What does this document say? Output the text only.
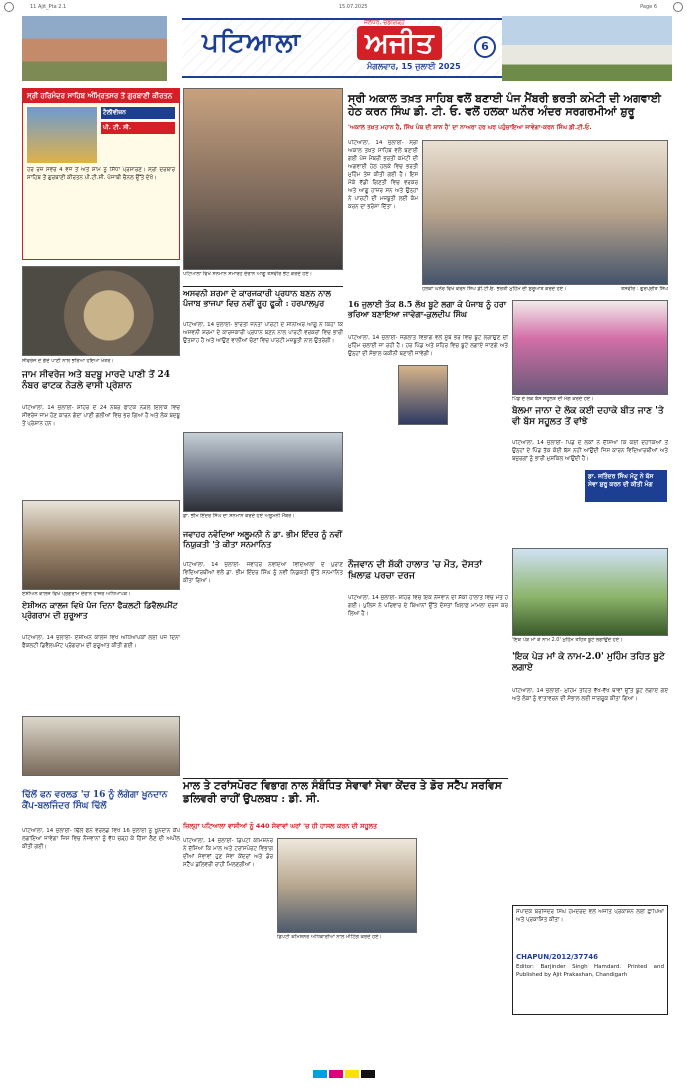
11 Ajit_Pta 2.1	15.07.2025	Page 6
ਪਟਿਆਲਾ
ਜਲੰਧਰ, ਚੰਡੀਗੜ੍ਹ
ਅਜੀਤ
ਮੰਗਲਵਾਰ, 15 ਜੁਲਾਈ 2025
6
ਸ੍ਰੀ ਹਰਿਮੰਦਰ ਸਾਹਿਬ ਅੰਮ੍ਰਿਤਸਰ ਤੋਂ ਗੁਰਬਾਣੀ ਕੀਰਤਨ
ਟੈਲੀਵੀਜ਼ਨ
ਪੀ. ਟੀ. ਸੀ.
ਹਰ ਰੋਜ਼ ਸਵੇਰੇ 4 ਵਜੇ ਤੋਂ ਅਤੇ ਸ਼ਾਮ ਨੂੰ ਸਿੱਧਾ ਪ੍ਰਸਾਰਣ। ਸ੍ਰੀ ਦਰਬਾਰ ਸਾਹਿਬ ਤੋਂ ਗੁਰਬਾਣੀ ਕੀਰਤਨ ਪੀ.ਟੀ.ਸੀ. ਪੰਜਾਬੀ ਚੈਨਲ ਉੱਤੇ ਦੇਖੋ।
ਪਟਿਆਲਾ ਵਿਖੇ ਸਨਮਾਨ ਸਮਾਰੋਹ ਦੌਰਾਨ ਆਗੂ ਤਸਵੀਰ ਭੇਟ ਕਰਦੇ ਹੋਏ।
ਸ੍ਰੀ ਅਕਾਲ ਤਖ਼ਤ ਸਾਹਿਬ ਵਲੋਂ ਬਣਾਈ ਪੰਜ ਮੈਂਬਰੀ ਭਰਤੀ ਕਮੇਟੀ ਦੀ ਅਗਵਾਈ
ਹੇਠ ਕਰਨ ਸਿੰਘ ਡੀ. ਟੀ. ਓ. ਵਲੋਂ ਹਲਕਾ ਘਨੌਰ ਅੰਦਰ ਸਰਗਰਮੀਆਂ ਸ਼ੁਰੂ
'ਅਕਾਲ ਤਖ਼ਤ ਮਹਾਨ ਹੈ, ਸਿੱਖ ਪੰਥ ਦੀ ਸ਼ਾਨ ਹੈ' ਦਾ ਨਾਅਰਾ ਹਰ ਘਰ ਪਹੁੰਚਾਇਆ ਜਾਵੇਗਾ-ਕਰਨ ਸਿੰਘ ਡੀ.ਟੀ.ਓ.
ਪਟਿਆਲਾ, 14 ਜੁਲਾਈ- ਸ੍ਰੀ ਅਕਾਲ ਤਖ਼ਤ ਸਾਹਿਬ ਵਲੋਂ ਬਣਾਈ ਗਈ ਪੰਜ ਮੈਂਬਰੀ ਭਰਤੀ ਕਮੇਟੀ ਦੀ ਅਗਵਾਈ ਹੇਠ ਹਲਕੇ ਵਿਚ ਭਰਤੀ ਮੁਹਿੰਮ ਤੇਜ਼ ਕੀਤੀ ਗਈ ਹੈ। ਇਸ ਮੌਕੇ ਵੱਡੀ ਗਿਣਤੀ ਵਿਚ ਵਰਕਰ ਅਤੇ ਆਗੂ ਹਾਜ਼ਰ ਸਨ ਅਤੇ ਉਨ੍ਹਾਂ ਨੇ ਪਾਰਟੀ ਦੀ ਮਜ਼ਬੂਤੀ ਲਈ ਕੰਮ ਕਰਨ ਦਾ ਭਰੋਸਾ ਦਿੱਤਾ।
ਹਲਕਾ ਘਨੌਰ ਵਿਖੇ ਕਰਨ ਸਿੰਘ ਡੀ.ਟੀ.ਓ. ਭਰਤੀ ਮੁਹਿੰਮ ਦੀ ਸ਼ੁਰੂਆਤ ਕਰਦੇ ਹੋਏ।	ਤਸਵੀਰ : ਗੁਰਪ੍ਰੀਤ ਸਿੰਘ
ਸੀਵਰੇਜ ਦੇ ਗੰਦੇ ਪਾਣੀ ਨਾਲ ਭਰਿਆ ਹੋਇਆ ਖੇਤਰ।
ਜਾਮ ਸੀਵਰੇਜ ਅਤੇ ਬਦਬੂ ਮਾਰਦੇ ਪਾਣੀ ਤੋਂ 24 ਨੰਬਰ ਫਾਟਕ ਨੇੜਲੇ ਵਾਸੀ ਪ੍ਰੇਸ਼ਾਨ
ਪਟਿਆਲਾ, 14 ਜੁਲਾਈ- ਸ਼ਹਿਰ ਦੇ 24 ਨੰਬਰ ਫਾਟਕ ਨੇੜਲੇ ਇਲਾਕੇ ਵਿਚ ਸੀਵਰੇਜ ਜਾਮ ਹੋਣ ਕਾਰਨ ਗੰਦਾ ਪਾਣੀ ਗਲੀਆਂ ਵਿਚ ਭਰ ਗਿਆ ਹੈ ਅਤੇ ਲੋਕ ਬਦਬੂ ਤੋਂ ਪ੍ਰੇਸ਼ਾਨ ਹਨ।
ਅਸਵਨੀ ਸ਼ਰਮਾ ਦੇ ਕਾਰਜਕਾਰੀ ਪ੍ਰਧਾਨ ਬਣਨ ਨਾਲ ਪੰਜਾਬ ਭਾਜਪਾ ਵਿਚ ਨਵੀਂ ਰੂਹ ਫੂਕੀ : ਹਰਪਾਲਪੁਰ
ਪਟਿਆਲਾ, 14 ਜੁਲਾਈ- ਭਾਰਤੀ ਜਨਤਾ ਪਾਰਟੀ ਦੇ ਸੀਨੀਅਰ ਆਗੂ ਨੇ ਕਿਹਾ ਕਿ ਅਸਵਨੀ ਸ਼ਰਮਾ ਦੇ ਕਾਰਜਕਾਰੀ ਪ੍ਰਧਾਨ ਬਣਨ ਨਾਲ ਪਾਰਟੀ ਵਰਕਰਾਂ ਵਿਚ ਭਾਰੀ ਉਤਸ਼ਾਹ ਹੈ ਅਤੇ ਆਉਣ ਵਾਲੀਆਂ ਚੋਣਾਂ ਵਿਚ ਪਾਰਟੀ ਮਜ਼ਬੂਤੀ ਨਾਲ ਉਤਰੇਗੀ।
16 ਜੁਲਾਈ ਤੱਕ 8.5 ਲੱਖ ਬੂਟੇ ਲਗਾ ਕੇ ਪੰਜਾਬ ਨੂੰ ਹਰਾ ਭਰਿਆ ਬਣਾਇਆ ਜਾਵੇਗਾ-ਕੁਲਦੀਪ ਸਿੰਘ
ਪਟਿਆਲਾ, 14 ਜੁਲਾਈ- ਜੰਗਲਾਤ ਵਿਭਾਗ ਵਲੋਂ ਸੂਬੇ ਭਰ ਵਿਚ ਬੂਟੇ ਲਗਾਉਣ ਦੀ ਮੁਹਿੰਮ ਚਲਾਈ ਜਾ ਰਹੀ ਹੈ। ਹਰ ਪਿੰਡ ਅਤੇ ਸ਼ਹਿਰ ਵਿਚ ਬੂਟੇ ਲਗਾਏ ਜਾਣਗੇ ਅਤੇ ਉਨ੍ਹਾਂ ਦੀ ਸੰਭਾਲ ਯਕੀਨੀ ਬਣਾਈ ਜਾਵੇਗੀ।
ਪਿੰਡ ਦੇ ਲੋਕ ਬੱਸ ਸਹੂਲਤ ਦੀ ਮੰਗ ਕਰਦੇ ਹੋਏ।
ਬੋਲਮਾ ਜਾਨਾ ਦੇ ਲੋਕ ਕਈ ਦਹਾਕੇ ਬੀਤ ਜਾਣ 'ਤੇ ਵੀ ਬੱਸ ਸਹੂਲਤ ਤੋਂ ਵਾਂਝੇ
ਪਟਿਆਲਾ, 14 ਜੁਲਾਈ- ਪਿੰਡ ਦੇ ਲੋਕਾਂ ਨੇ ਦੱਸਿਆ ਕਿ ਕਈ ਦਹਾਕਿਆਂ ਤੋਂ ਉਨ੍ਹਾਂ ਦੇ ਪਿੰਡ ਤੱਕ ਕੋਈ ਬੱਸ ਨਹੀਂ ਆਉਂਦੀ ਜਿਸ ਕਾਰਨ ਵਿਦਿਆਰਥੀਆਂ ਅਤੇ ਬਜ਼ੁਰਗਾਂ ਨੂੰ ਭਾਰੀ ਮੁਸ਼ਕਿਲ ਆਉਂਦੀ ਹੈ।
ਡਾ. ਜਤਿੰਦਰ ਸਿੰਘ ਮੱਟੂ ਨੇ ਬੱਸ ਸੇਵਾ ਸ਼ੁਰੂ ਕਰਨ ਦੀ ਕੀਤੀ ਮੰਗ
ਡਾ. ਭੀਮ ਇੰਦਰ ਸਿੰਘ ਦਾ ਸਨਮਾਨ ਕਰਦੇ ਹੋਏ ਅਲੂਮਨੀ ਮੈਂਬਰ।
ਜਵਾਹਰ ਨਵੋਦਿਆ ਅਲੂਮਨੀ ਨੇ ਡਾ. ਭੀਮ ਇੰਦਰ ਨੂੰ ਨਵੀਂ ਨਿਯੁਕਤੀ 'ਤੇ ਕੀਤਾ ਸਨਮਾਨਿਤ
ਪਟਿਆਲਾ, 14 ਜੁਲਾਈ- ਜਵਾਹਰ ਨਵੋਦਿਆ ਵਿਦਿਆਲਾ ਦੇ ਪੁਰਾਣੇ ਵਿਦਿਆਰਥੀਆਂ ਵਲੋਂ ਡਾ. ਭੀਮ ਇੰਦਰ ਸਿੰਘ ਨੂੰ ਨਵੀਂ ਨਿਯੁਕਤੀ ਉੱਤੇ ਸਨਮਾਨਿਤ ਕੀਤਾ ਗਿਆ।
ਏਸ਼ੀਅਨ ਕਾਲਜ ਵਿਖੇ ਪ੍ਰੋਗਰਾਮ ਦੌਰਾਨ ਹਾਜ਼ਰ ਅਧਿਆਪਕ।
ਏਸ਼ੀਅਨ ਕਾਲਜ ਵਿਖੇ ਪੰਜ ਦਿਨਾ ਫੈਕਲਟੀ ਡਿਵੈਲਪਮੈਂਟ ਪ੍ਰੋਗਰਾਮ ਦੀ ਸ਼ੁਰੂਆਤ
ਪਟਿਆਲਾ, 14 ਜੁਲਾਈ- ਏਸ਼ੀਅਨ ਕਾਲਜ ਵਿਖੇ ਅਧਿਆਪਕਾਂ ਲਈ ਪੰਜ ਦਿਨਾ ਫੈਕਲਟੀ ਡਿਵੈਲਪਮੈਂਟ ਪ੍ਰੋਗਰਾਮ ਦੀ ਸ਼ੁਰੂਆਤ ਕੀਤੀ ਗਈ।
ਨੌਜਵਾਨ ਦੀ ਸ਼ੱਕੀ ਹਾਲਾਤ 'ਚ ਮੌਤ, ਦੋਸਤਾਂ ਖ਼ਿਲਾਫ਼ ਪਰਚਾ ਦਰਜ
ਪਟਿਆਲਾ, 14 ਜੁਲਾਈ- ਸ਼ਹਿਰ ਵਿਚ ਇਕ ਨੌਜਵਾਨ ਦੀ ਸ਼ੱਕੀ ਹਾਲਾਤ ਵਿਚ ਮੌਤ ਹੋ ਗਈ। ਪੁਲਿਸ ਨੇ ਪਰਿਵਾਰ ਦੇ ਬਿਆਨਾਂ ਉੱਤੇ ਦੋਸਤਾਂ ਖ਼ਿਲਾਫ਼ ਮਾਮਲਾ ਦਰਜ ਕਰ ਲਿਆ ਹੈ।
'ਇਕ ਪੇੜ ਮਾਂ ਕੇ ਨਾਮ 2.0' ਮੁਹਿੰਮ ਤਹਿਤ ਬੂਟੇ ਲਗਾਉਂਦੇ ਹੋਏ।
ਮਾਲ ਤੇ ਟਰਾਂਸਪੋਰਟ ਵਿਭਾਗ ਨਾਲ ਸੰਬੰਧਿਤ ਸੇਵਾਵਾਂ ਸੇਵਾ ਕੇਂਦਰ ਤੇ ਡੋਰ ਸਟੈੱਪ ਸਰਵਿਸ ਡਲਿਵਰੀ ਰਾਹੀਂ ਉਪਲਬਧ : ਡੀ. ਸੀ.
ਜ਼ਿਲ੍ਹਾ ਪਟਿਆਲਾ ਵਾਸੀਆਂ ਨੂੰ 440 ਸੇਵਾਵਾਂ ਘਰਾਂ 'ਚ ਹੀ ਹਾਸਲ ਕਰਨ ਦੀ ਸਹੂਲਤ
ਪਟਿਆਲਾ, 14 ਜੁਲਾਈ- ਡਿਪਟੀ ਕਮਿਸ਼ਨਰ ਨੇ ਦੱਸਿਆ ਕਿ ਮਾਲ ਅਤੇ ਟਰਾਂਸਪੋਰਟ ਵਿਭਾਗ ਦੀਆਂ ਸੇਵਾਵਾਂ ਹੁਣ ਸੇਵਾ ਕੇਂਦਰਾਂ ਅਤੇ ਡੋਰ ਸਟੈੱਪ ਡਲਿਵਰੀ ਰਾਹੀਂ ਮਿਲਣਗੀਆਂ।
ਡਿਪਟੀ ਕਮਿਸ਼ਨਰ ਅਧਿਕਾਰੀਆਂ ਨਾਲ ਮੀਟਿੰਗ ਕਰਦੇ ਹੋਏ।
ਢਿੱਲੋਂ ਫਨ ਵਰਲਡ 'ਚ 16 ਨੂੰ ਲੱਗੇਗਾ ਖ਼ੂਨਦਾਨ ਕੈਂਪ-ਬਲਜਿੰਦਰ ਸਿੰਘ ਢਿੱਲੋਂ
ਪਟਿਆਲਾ, 14 ਜੁਲਾਈ- ਢਿੱਲੋਂ ਫਨ ਵਰਲਡ ਵਿਖੇ 16 ਜੁਲਾਈ ਨੂੰ ਖ਼ੂਨਦਾਨ ਕੈਂਪ ਲਗਾਇਆ ਜਾਵੇਗਾ ਜਿਸ ਵਿਚ ਨੌਜਵਾਨਾਂ ਨੂੰ ਵੱਧ ਚੜ੍ਹ ਕੇ ਹਿੱਸਾ ਲੈਣ ਦੀ ਅਪੀਲ ਕੀਤੀ ਗਈ।
'ਇਕ ਪੇੜ ਮਾਂ ਕੇ ਨਾਮ-2.0' ਮੁਹਿੰਮ ਤਹਿਤ ਬੂਟੇ ਲਗਾਏ
ਪਟਿਆਲਾ, 14 ਜੁਲਾਈ- ਮੁਹਿੰਮ ਤਹਿਤ ਵੱਖ-ਵੱਖ ਥਾਵਾਂ ਉੱਤੇ ਬੂਟੇ ਲਗਾਏ ਗਏ ਅਤੇ ਲੋਕਾਂ ਨੂੰ ਵਾਤਾਵਰਨ ਦੀ ਸੰਭਾਲ ਲਈ ਜਾਗਰੂਕ ਕੀਤਾ ਗਿਆ।
ਸੰਪਾਦਕ ਬਰਜਿੰਦਰ ਸਿੰਘ ਹਮਦਰਦ ਵਲੋਂ ਅਜੀਤ ਪ੍ਰਕਾਸ਼ਨ ਲਈ ਛਾਪਿਆ ਅਤੇ ਪ੍ਰਕਾਸ਼ਿਤ ਕੀਤਾ।
CHAPUN/2012/37746
Editor: Barjinder Singh Hamdard. Printed and Published by Ajit Prakashan, Chandigarh
